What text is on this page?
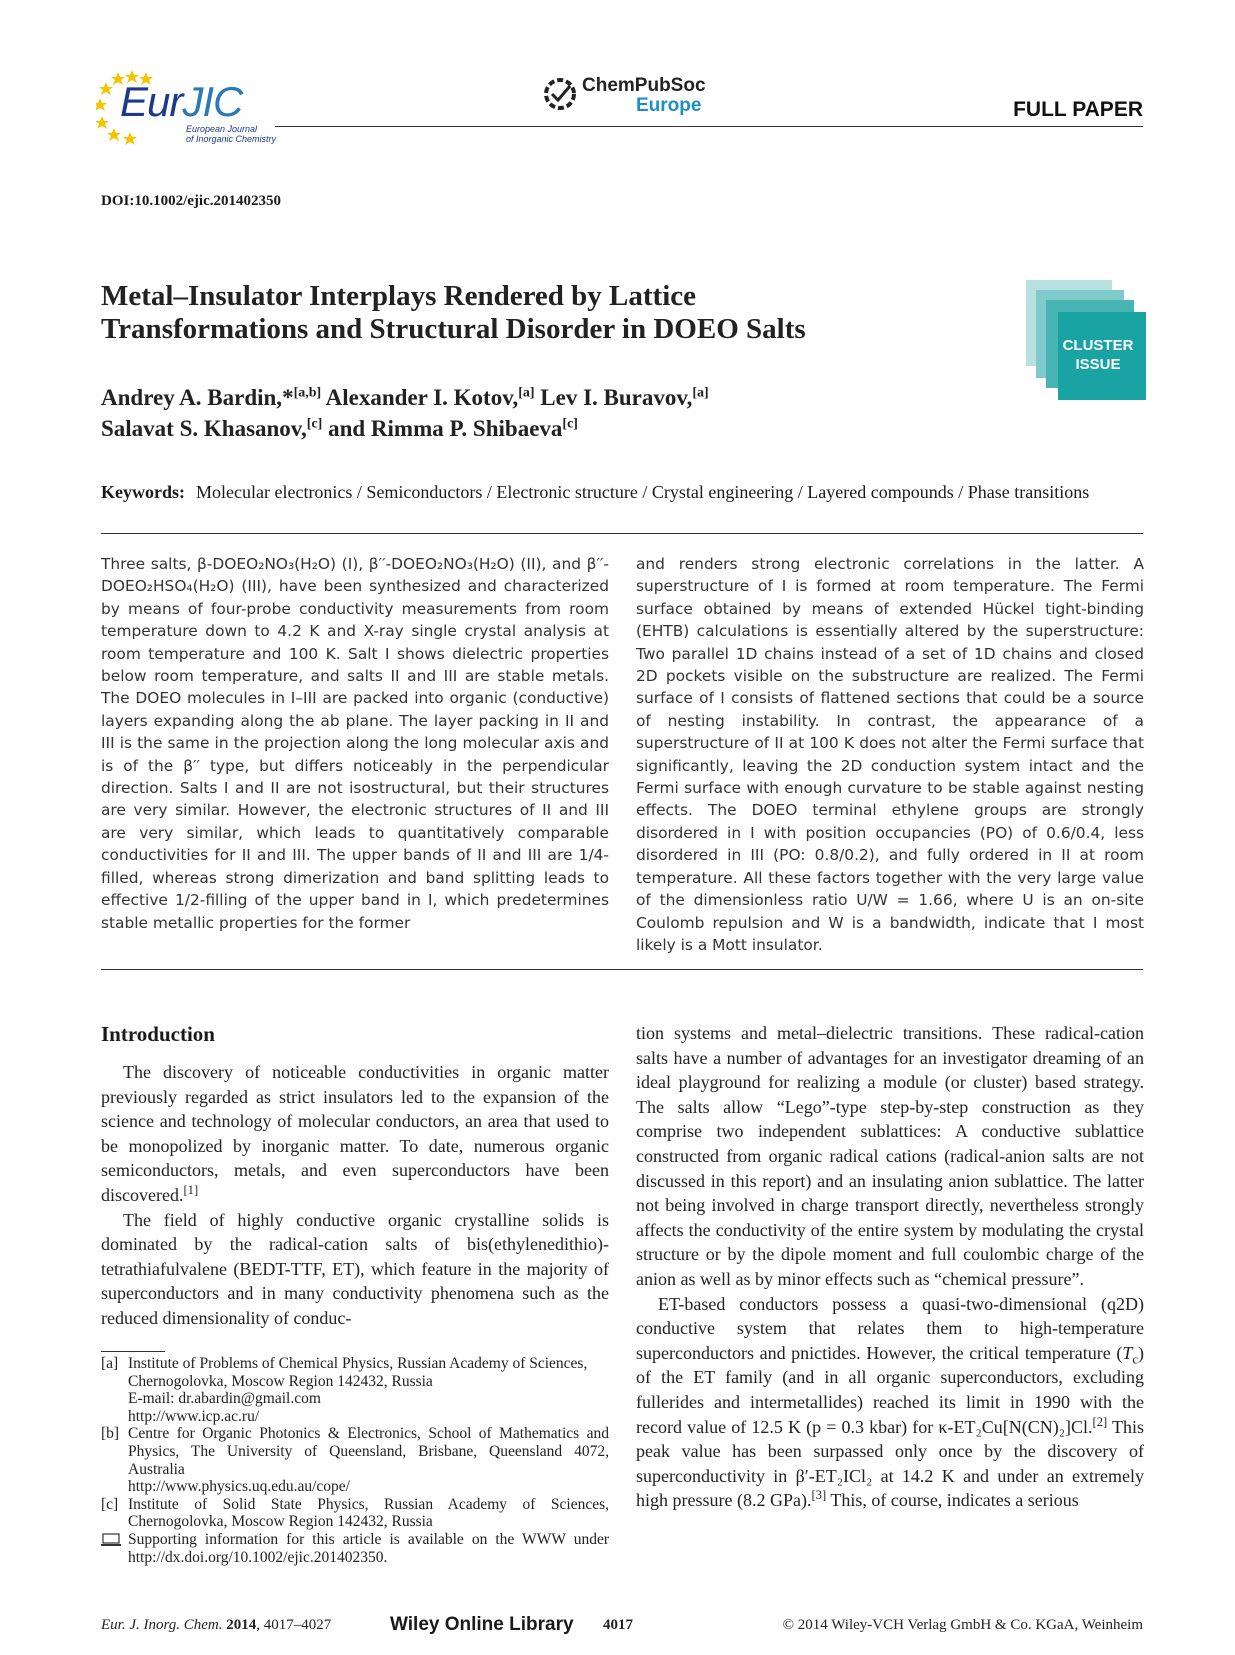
EurJIC
European Journal
of Inorganic Chemistry
ChemPubSoc
Europe	FULL PAPER
DOI:10.1002/ejic.201402350
Metal–Insulator Interplays Rendered by Lattice
Transformations and Structural Disorder in DOEO Salts
Andrey A. Bardin,*[a,b] Alexander I. Kotov,[a] Lev I. Buravov,[a]
Salavat S. Khasanov,[c] and Rimma P. Shibaeva[c]
CLUSTER
ISSUE
Keywords: Molecular electronics / Semiconductors / Electronic structure / Crystal engineering / Layered compounds / Phase transitions
Three salts, β-DOEO₂NO₃(H₂O) (I), β′′-DOEO₂NO₃(H₂O) (II), and β′′-DOEO₂HSO₄(H₂O) (III), have been synthesized and characterized by means of four-probe conductivity measurements from room temperature down to 4.2 K and X-ray single crystal analysis at room temperature and 100 K. Salt I shows dielectric properties below room temperature, and salts II and III are stable metals. The DOEO molecules in I–III are packed into organic (conductive) layers expanding along the ab plane. The layer packing in II and III is the same in the projection along the long molecular axis and is of the β′′ type, but differs noticeably in the perpendicular direction. Salts I and II are not isostructural, but their structures are very similar. However, the electronic structures of II and III are very similar, which leads to quantitatively comparable conductivities for II and III. The upper bands of II and III are 1/4-filled, whereas strong dimerization and band splitting leads to effective 1/2-filling of the upper band in I, which predetermines stable metallic properties for the former
and renders strong electronic correlations in the latter. A superstructure of I is formed at room temperature. The Fermi surface obtained by means of extended Hückel tight-binding (EHTB) calculations is essentially altered by the superstructure: Two parallel 1D chains instead of a set of 1D chains and closed 2D pockets visible on the substructure are realized. The Fermi surface of I consists of flattened sections that could be a source of nesting instability. In contrast, the appearance of a superstructure of II at 100 K does not alter the Fermi surface that significantly, leaving the 2D conduction system intact and the Fermi surface with enough curvature to be stable against nesting effects. The DOEO terminal ethylene groups are strongly disordered in I with position occupancies (PO) of 0.6/0.4, less disordered in III (PO: 0.8/0.2), and fully ordered in II at room temperature. All these factors together with the very large value of the dimensionless ratio U/W = 1.66, where U is an on-site Coulomb repulsion and W is a bandwidth, indicate that I most likely is a Mott insulator.
Introduction

The discovery of noticeable conductivities in organic matter previously regarded as strict insulators led to the expansion of the science and technology of molecular conductors, an area that used to be monopolized by inorganic matter. To date, numerous organic semiconductors, metals, and even superconductors have been discovered.[1]

The field of highly conductive organic crystalline solids is dominated by the radical-cation salts of bis(ethylenedithio)-tetrathiafulvalene (BEDT-TTF, ET), which feature in the majority of superconductors and in many conductivity phenomena such as the reduced dimensionality of conduc-

tion systems and metal–dielectric transitions. These radical-cation salts have a number of advantages for an investigator dreaming of an ideal playground for realizing a module (or cluster) based strategy. The salts allow “Lego”-type step-by-step construction as they comprise two independent sublattices: A conductive sublattice constructed from organic radical cations (radical-anion salts are not discussed in this report) and an insulating anion sublattice. The latter not being involved in charge transport directly, nevertheless strongly affects the conductivity of the entire system by modulating the crystal structure or by the dipole moment and full coulombic charge of the anion as well as by minor effects such as “chemical pressure”.

ET-based conductors possess a quasi-two-dimensional (q2D) conductive system that relates them to high-temperature superconductors and pnictides. However, the critical temperature $(T_c)$ of the ET family (and in all organic superconductors, excluding fullerides and intermetallides) reached its limit in 1990 with the record value of 12.5 K (p = 0.3 kbar) for κ-ET₂Cu[N(CN)₂]Cl.[2] This peak value has been surpassed only once by the discovery of superconductivity in β′-ET₂ICl₂ at 14.2 K and under an extremely high pressure (8.2 GPa).[3] This, of course, indicates a serious

[a] Institute of Problems of Chemical Physics, Russian Academy of Sciences,
Chernogolovka, Moscow Region 142432, Russia
E-mail: dr.abardin@gmail.com
http://www.icp.ac.ru/
[b] Centre for Organic Photonics & Electronics, School of Mathematics and Physics, The University of Queensland, Brisbane, Queensland 4072, Australia
http://www.physics.uq.edu.au/cope/
[c] Institute of Solid State Physics, Russian Academy of Sciences, Chernogolovka, Moscow Region 142432, Russia
Supporting information for this article is available on the WWW under http://dx.doi.org/10.1002/ejic.201402350.
Eur. J. Inorg. Chem. 2014, 4017–4027	Wiley Online Library 4017	© 2014 Wiley-VCH Verlag GmbH & Co. KGaA, Weinheim
